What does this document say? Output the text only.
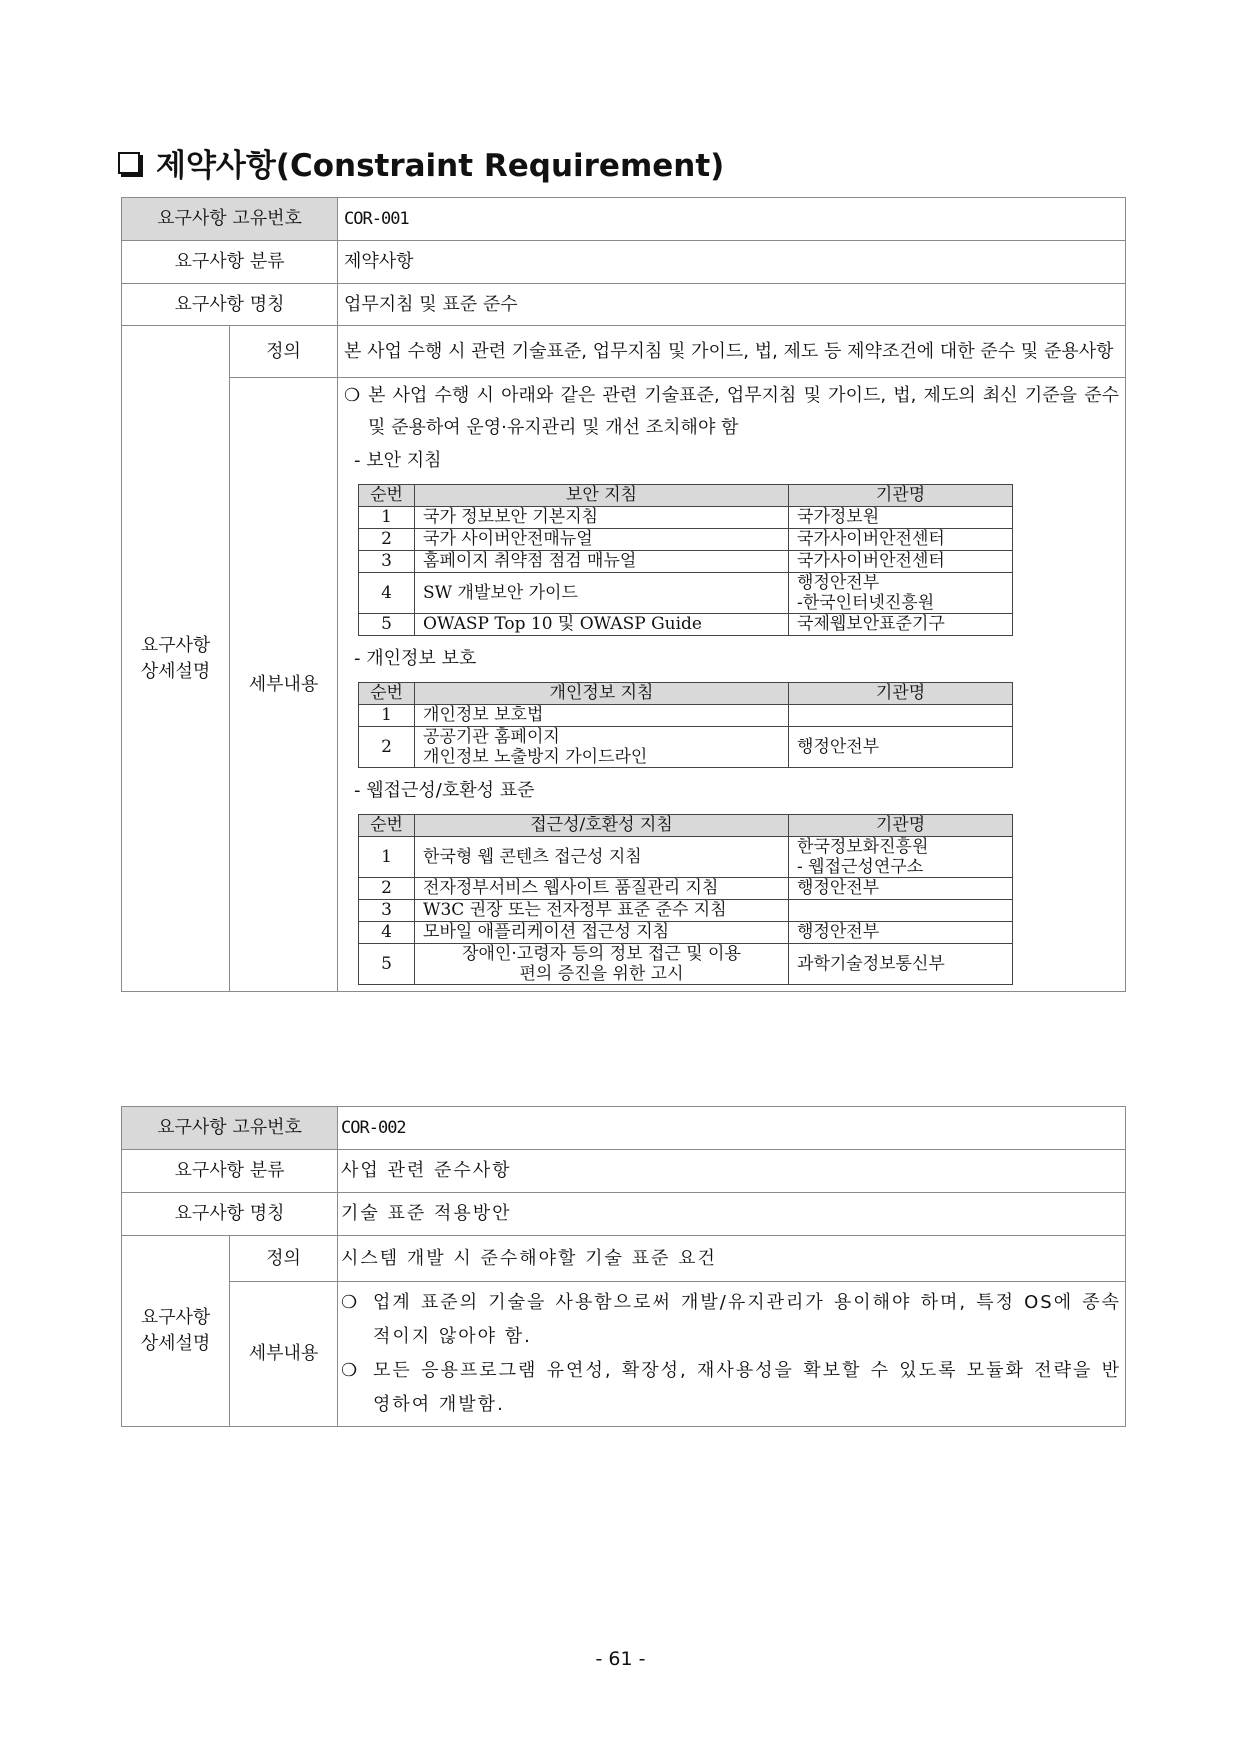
제약사항(Constraint Requirement)
요구사항 고유번호	COR-001
요구사항 분류	제약사항
요구사항 명칭	업무지침 및 표준 준수
요구사항
상세설명	정의	본 사업 수행 시 관련 기술표준, 업무지침 및 가이드, 법, 제도 등 제약조건에 대한 준수 및 준용사항
세부내용	
❍ 본 사업 수행 시 아래와 같은 관련 기술표준, 업무지침 및 가이드, 법, 제도의 최신 기준을 준수 및 준용하여 운영·유지관리 및 개선 조치해야 함
- 보안 지침
순번	보안 지침	기관명
1	국가 정보보안 기본지침	국가정보원
2	국가 사이버안전매뉴얼	국가사이버안전센터
3	홈페이지 취약점 점검 매뉴얼	국가사이버안전센터
4	SW 개발보안 가이드	행정안전부
-한국인터넷진흥원
5	OWASP Top 10 및 OWASP Guide	국제웹보안표준기구
- 개인정보 보호
순번	개인정보 지침	기관명
1	개인정보 보호법	
2	공공기관 홈페이지
개인정보 노출방지 가이드라인	행정안전부
- 웹접근성/호환성 표준
순번	접근성/호환성 지침	기관명
1	한국형 웹 콘텐츠 접근성 지침	한국정보화진흥원
- 웹접근성연구소
2	전자정부서비스 웹사이트 품질관리 지침	행정안전부
3	W3C 권장 또는 전자정부 표준 준수 지침	
4	모바일 애플리케이션 접근성 지침	행정안전부
5	장애인·고령자 등의 정보 접근 및 이용
편의 증진을 위한 고시	과학기술정보통신부
요구사항 고유번호		COR-002
요구사항 분류		사업 관련 준수사항
요구사항 명칭		기술 표준 적용방안
요구사항
상세설명	정의	시스템 개발 시 준수해야할 기술 표준 요건
	세부내용	❍ 업계 표준의 기술을 사용함으로써 개발/유지관리가 용이해야 하며, 특정 OS에 종속적이지 않아야 함.
❍ 모든 응용프로그램 유연성, 확장성, 재사용성을 확보할 수 있도록 모듈화 전략을 반영하여 개발함.
- 61 -
